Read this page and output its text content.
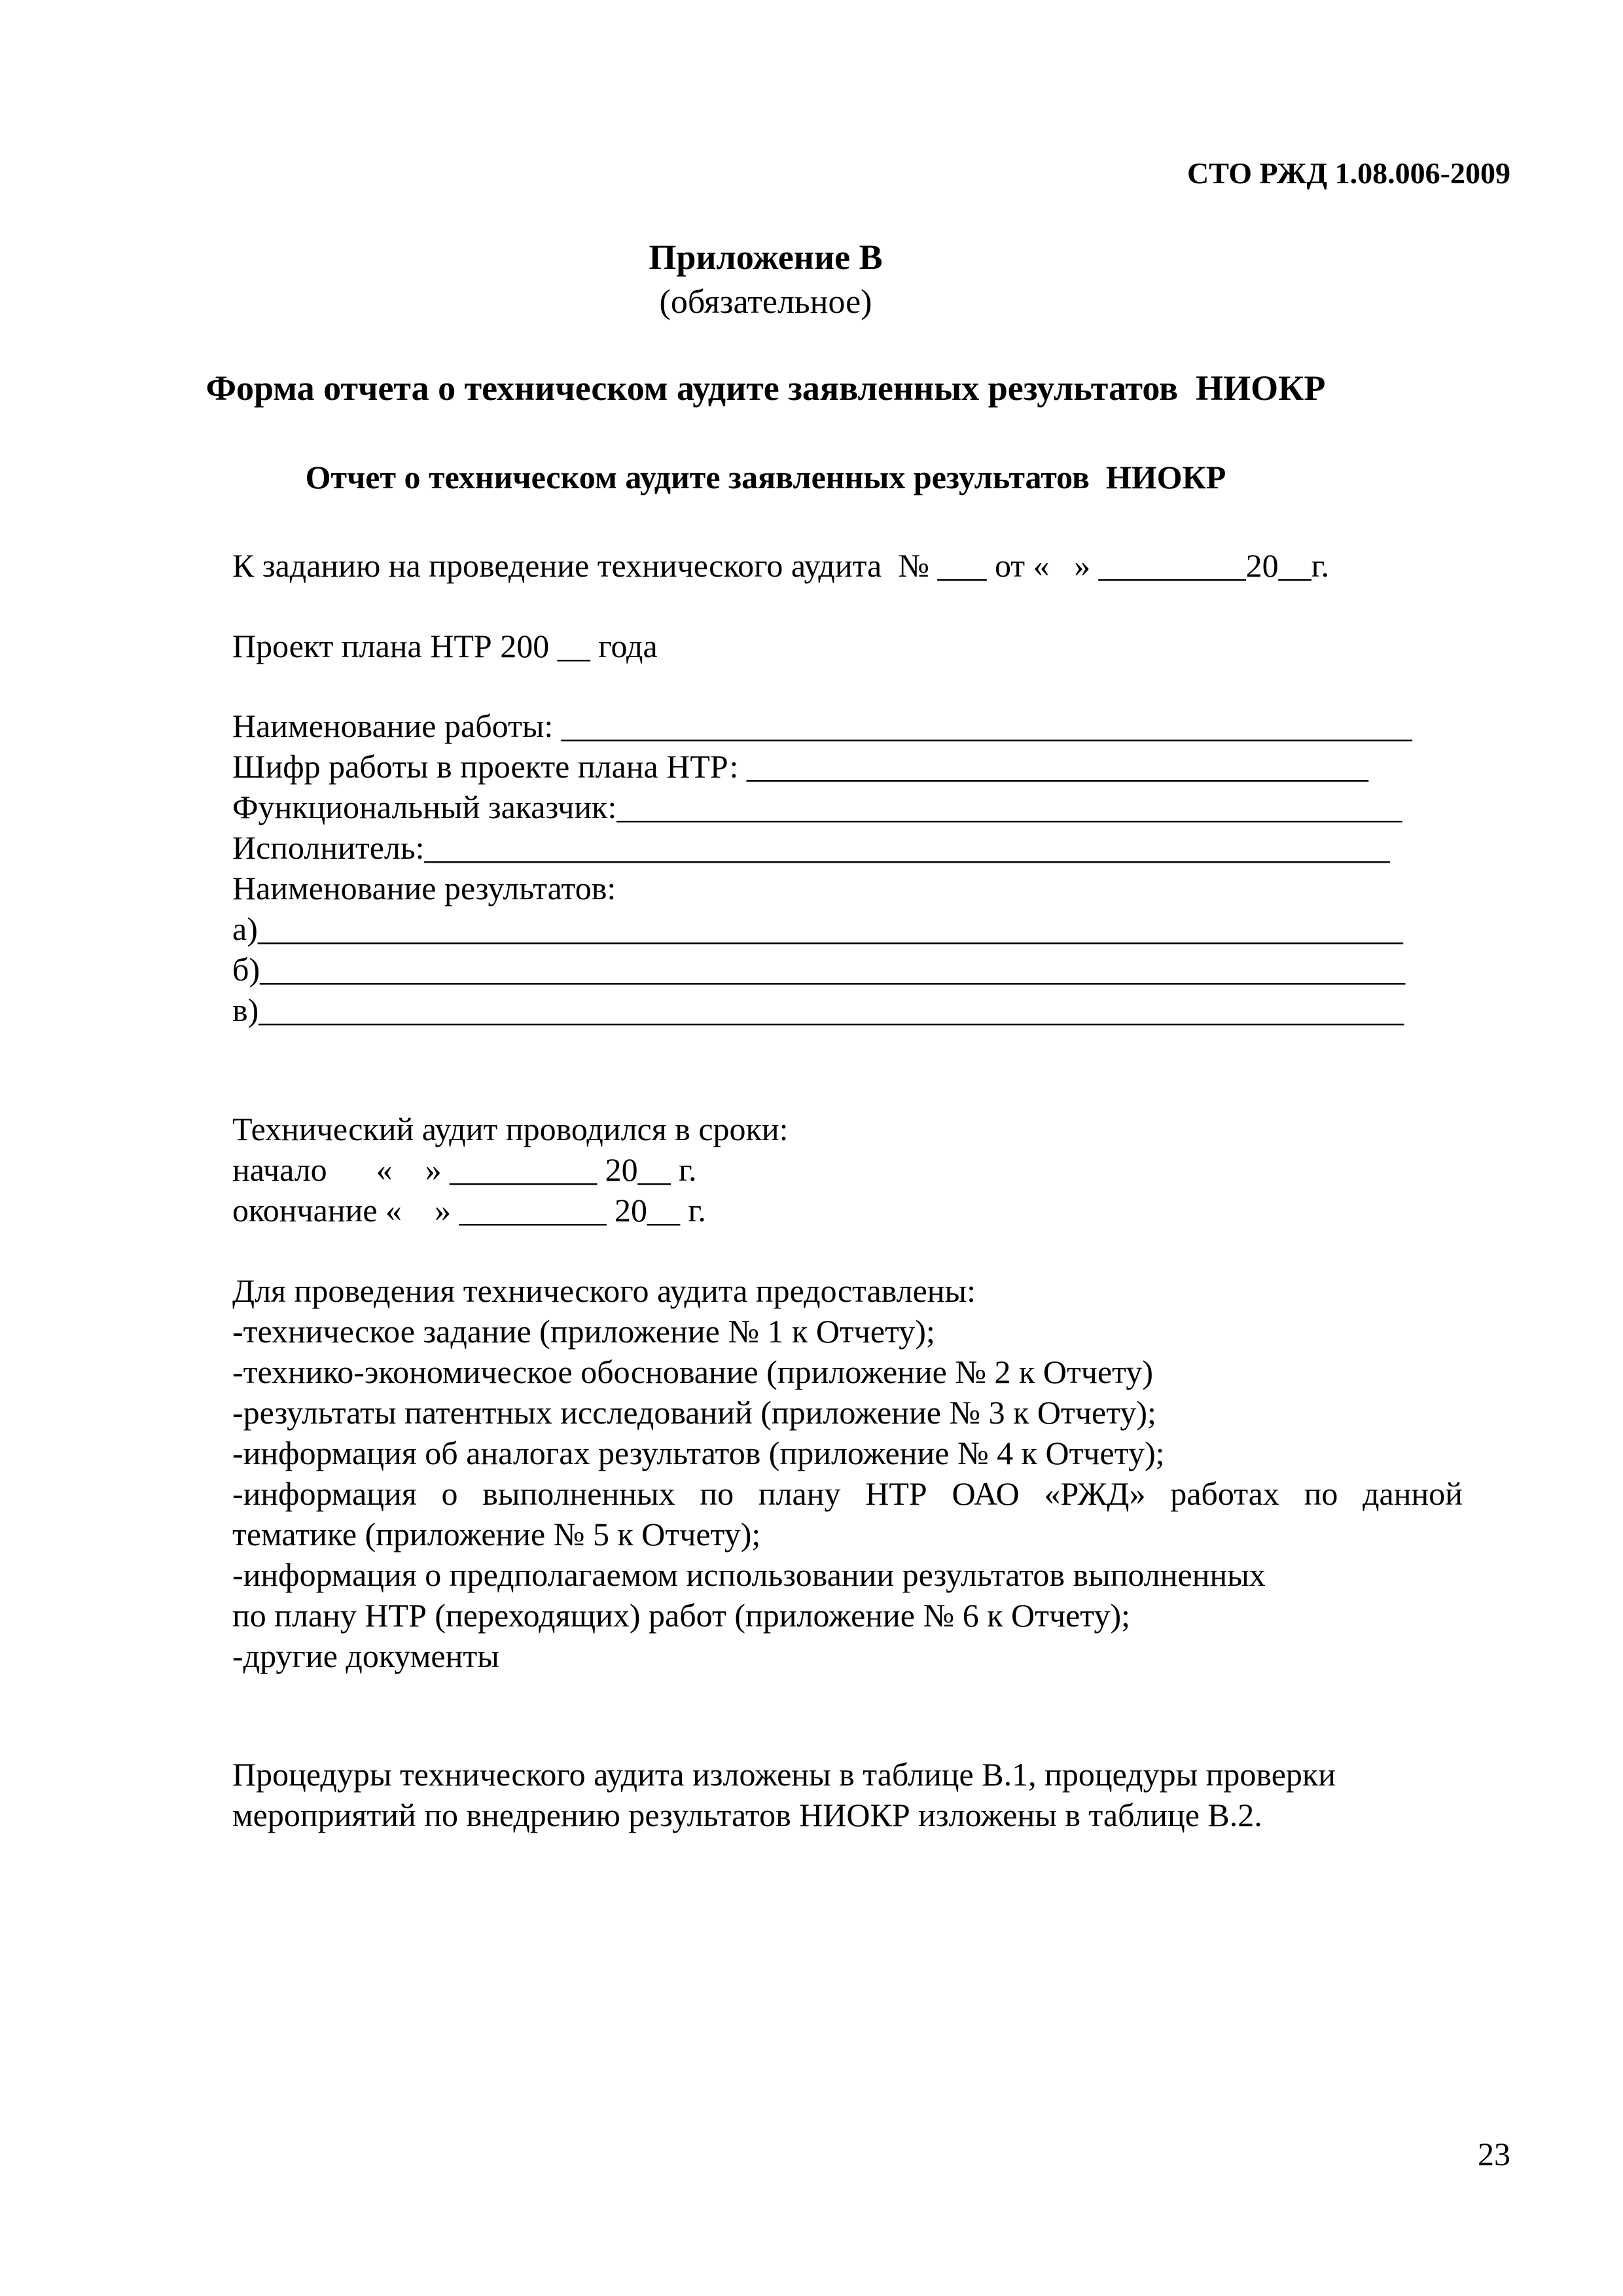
СТО РЖД 1.08.006-2009
Приложение В
(обязательное)
Форма отчета о техническом аудите заявленных результатов  НИОКР
Отчет о техническом аудите заявленных результатов  НИОКР
К заданию на проведение технического аудита  № ___ от «   » _________20__г.
Проект плана НТР 200 __ года
Наименование работы: ____________________________________________________
Шифр работы в проекте плана НТР: ______________________________________
Функциональный заказчик:________________________________________________
Исполнитель:___________________________________________________________
Наименование результатов:
а)______________________________________________________________________
б)______________________________________________________________________
в)______________________________________________________________________
Технический аудит проводился в сроки:
начало      «    » _________ 20__ г.
окончание «    » _________ 20__ г.
Для проведения технического аудита предоставлены:
-техническое задание (приложение № 1 к Отчету);
-технико-экономическое обоснование (приложение № 2 к Отчету)
-результаты патентных исследований (приложение № 3 к Отчету);
-информация об аналогах результатов (приложение № 4 к Отчету);
-информация о выполненных по плану НТР ОАО «РЖД» работах по данной
тематике (приложение № 5 к Отчету);
-информация о предполагаемом использовании результатов выполненных
по плану НТР (переходящих) работ (приложение № 6 к Отчету);
-другие документы
Процедуры технического аудита изложены в таблице В.1, процедуры проверки
мероприятий по внедрению результатов НИОКР изложены в таблице В.2.
23
